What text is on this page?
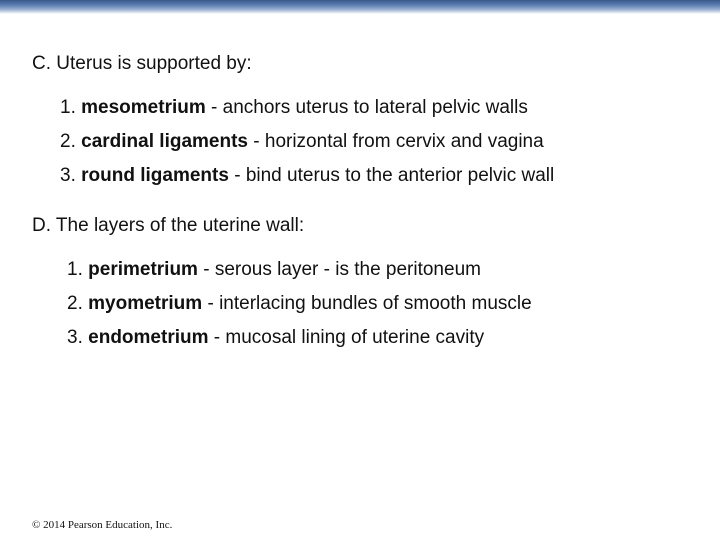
C. Uterus is supported by:
1. mesometrium - anchors uterus to lateral pelvic walls
2. cardinal ligaments - horizontal from cervix and vagina
3. round ligaments - bind uterus to the anterior pelvic wall
D. The layers of the uterine wall:
1. perimetrium - serous layer - is the peritoneum
2. myometrium - interlacing bundles of smooth muscle
3. endometrium - mucosal lining of uterine cavity
© 2014 Pearson Education, Inc.
